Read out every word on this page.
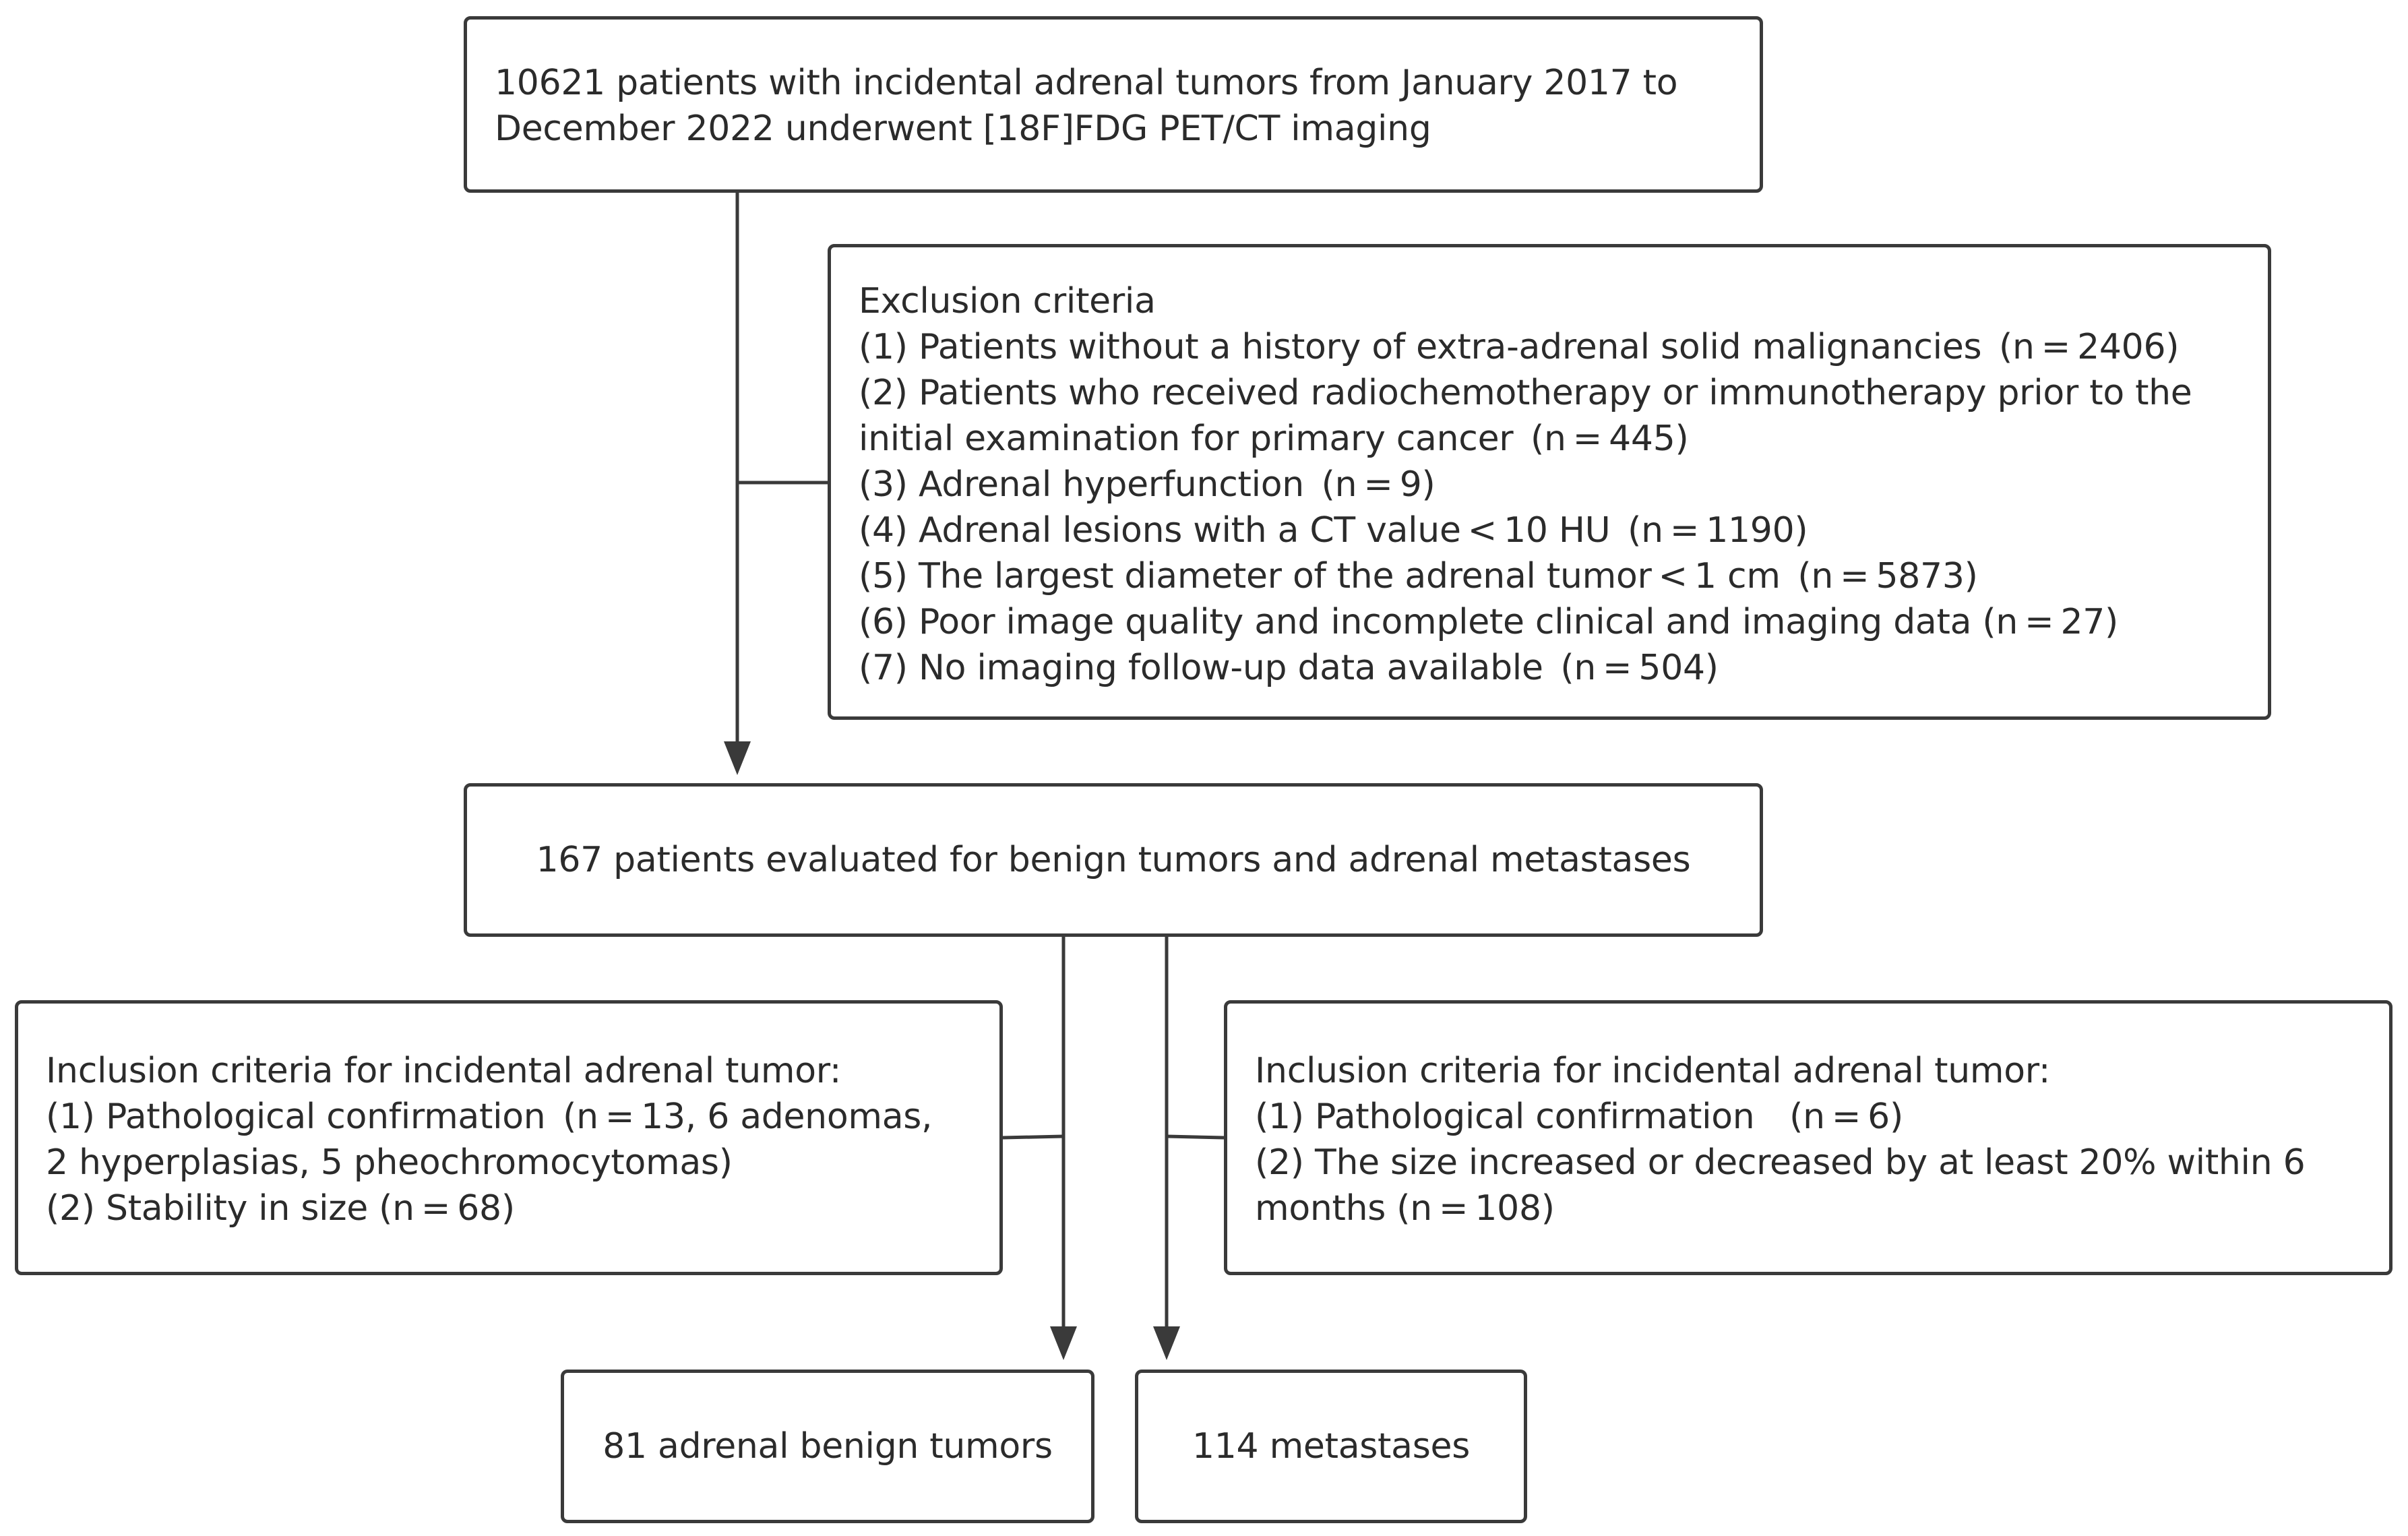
10621 patients with incidental adrenal tumors from January 2017 to
December 2022 underwent [18F]FDG PET/CT imaging
Exclusion criteria
(1) Patients without a history of extra-adrenal solid malignancies (n = 2406)
(2) Patients who received radiochemotherapy or immunotherapy prior to the
initial examination for primary cancer (n = 445)
(3) Adrenal hyperfunction (n = 9)
(4) Adrenal lesions with a CT value < 10 HU (n = 1190)
(5) The largest diameter of the adrenal tumor < 1 cm (n = 5873)
(6) Poor image quality and incomplete clinical and imaging data (n = 27)
(7) No imaging follow-up data available (n = 504)
167 patients evaluated for benign tumors and adrenal metastases
Inclusion criteria for incidental adrenal tumor:
(1) Pathological confirmation (n = 13, 6 adenomas,
2 hyperplasias, 5 pheochromocytomas)
(2) Stability in size (n = 68)
Inclusion criteria for incidental adrenal tumor:
(1) Pathological confirmation (n = 6)
(2) The size increased or decreased by at least 20% within 6
months (n = 108)
81 adrenal benign tumors	114 metastases
